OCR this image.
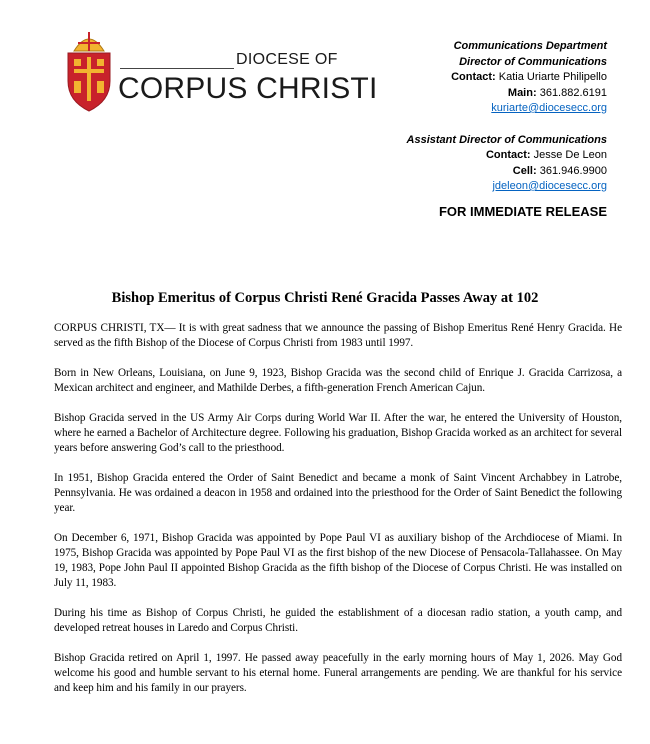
DIOCESE OF
CORPUS CHRISTI
Communications Department
Director of Communications
Contact: Katia Uriarte Philipello
Main: 361.882.6191
kuriarte@diocesecc.org
Assistant Director of Communications
Contact: Jesse De Leon
Cell: 361.946.9900
jdeleon@diocesecc.org
FOR IMMEDIATE RELEASE
Bishop Emeritus of Corpus Christi René Gracida Passes Away at 102

CORPUS CHRISTI, TX— It is with great sadness that we announce the passing of Bishop Emeritus René Henry Gracida. He served as the fifth Bishop of the Diocese of Corpus Christi from 1983 until 1997.

Born in New Orleans, Louisiana, on June 9, 1923, Bishop Gracida was the second child of Enrique J. Gracida Carrizosa, a Mexican architect and engineer, and Mathilde Derbes, a fifth-generation French American Cajun.

Bishop Gracida served in the US Army Air Corps during World War II. After the war, he entered the University of Houston, where he earned a Bachelor of Architecture degree. Following his graduation, Bishop Gracida worked as an architect for several years before answering God’s call to the priesthood.

In 1951, Bishop Gracida entered the Order of Saint Benedict and became a monk of Saint Vincent Archabbey in Latrobe, Pennsylvania. He was ordained a deacon in 1958 and ordained into the priesthood for the Order of Saint Benedict the following year.

On December 6, 1971, Bishop Gracida was appointed by Pope Paul VI as auxiliary bishop of the Archdiocese of Miami. In 1975, Bishop Gracida was appointed by Pope Paul VI as the first bishop of the new Diocese of Pensacola-Tallahassee. On May 19, 1983, Pope John Paul II appointed Bishop Gracida as the fifth bishop of the Diocese of Corpus Christi. He was installed on July 11, 1983.

During his time as Bishop of Corpus Christi, he guided the establishment of a diocesan radio station, a youth camp, and developed retreat houses in Laredo and Corpus Christi.

Bishop Gracida retired on April 1, 1997. He passed away peacefully in the early morning hours of May 1, 2026. May God welcome his good and humble servant to his eternal home. Funeral arrangements are pending. We are thankful for his service and keep him and his family in our prayers.
